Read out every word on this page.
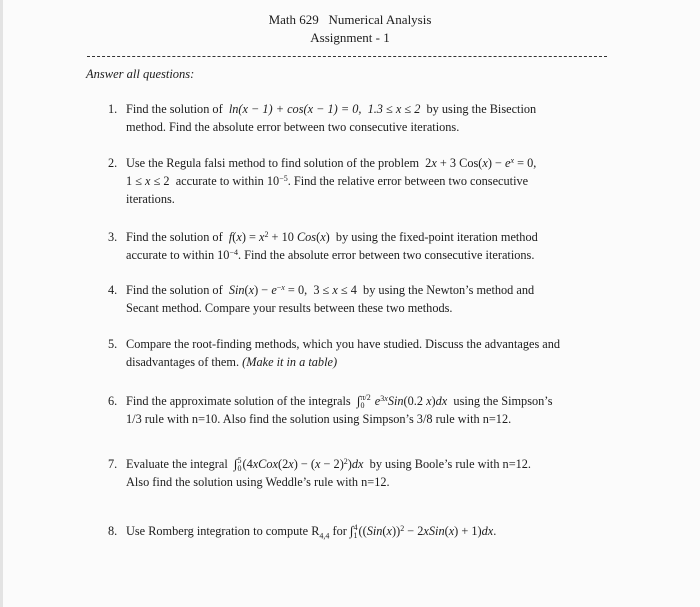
Math 629   Numerical Analysis
Assignment - 1
Answer all questions:
1. Find the solution of  ln(x − 1) + cos(x − 1) = 0,  1.3 ≤ x ≤ 2  by using the Bisection
method. Find the absolute error between two consecutive iterations.
2. Use the Regula falsi method to find solution of the problem  2x + 3 $Cos(x) - e^x = 0$,
1 ≤ x ≤ 2 accurate to within $10^{-5}$. Find the relative error between two consecutive
iterations.
3. Find the solution of $f(x) = x^2 + 10$ Cos(x)  by using the fixed-point iteration method
accurate to within $10^{-4}$. Find the absolute error between two consecutive iterations.
4. Find the solution of $Sin(x) - e^{-x} = 0$,  3 ≤ x ≤ 4  by using the Newton’s method and
Secant method. Compare your results between these two methods.
5. Compare the root-finding methods, which you have studied. Discuss the advantages and
disadvantages of them. (Make it in a table)
6. Find the approximate solution of the integrals ∫π/2
0 $e^{3x}Sin(0.2$ x)dx using the Simpson’s
1/3 rule with n=10. Also find the solution using Simpson’s 3/8 rule with n=12.
7. Evaluate the integral ∫5
0(4xCox(2x) − $(x - 2)^2)dx$ by using Boole’s rule with n=12.
Also find the solution using Weddle’s rule with n=12.
8. Use Romberg integration to compute $R_{4,4}$ for ∫4
$1((Sin(x))^2$ − 2xSin(x) + 1)dx.
